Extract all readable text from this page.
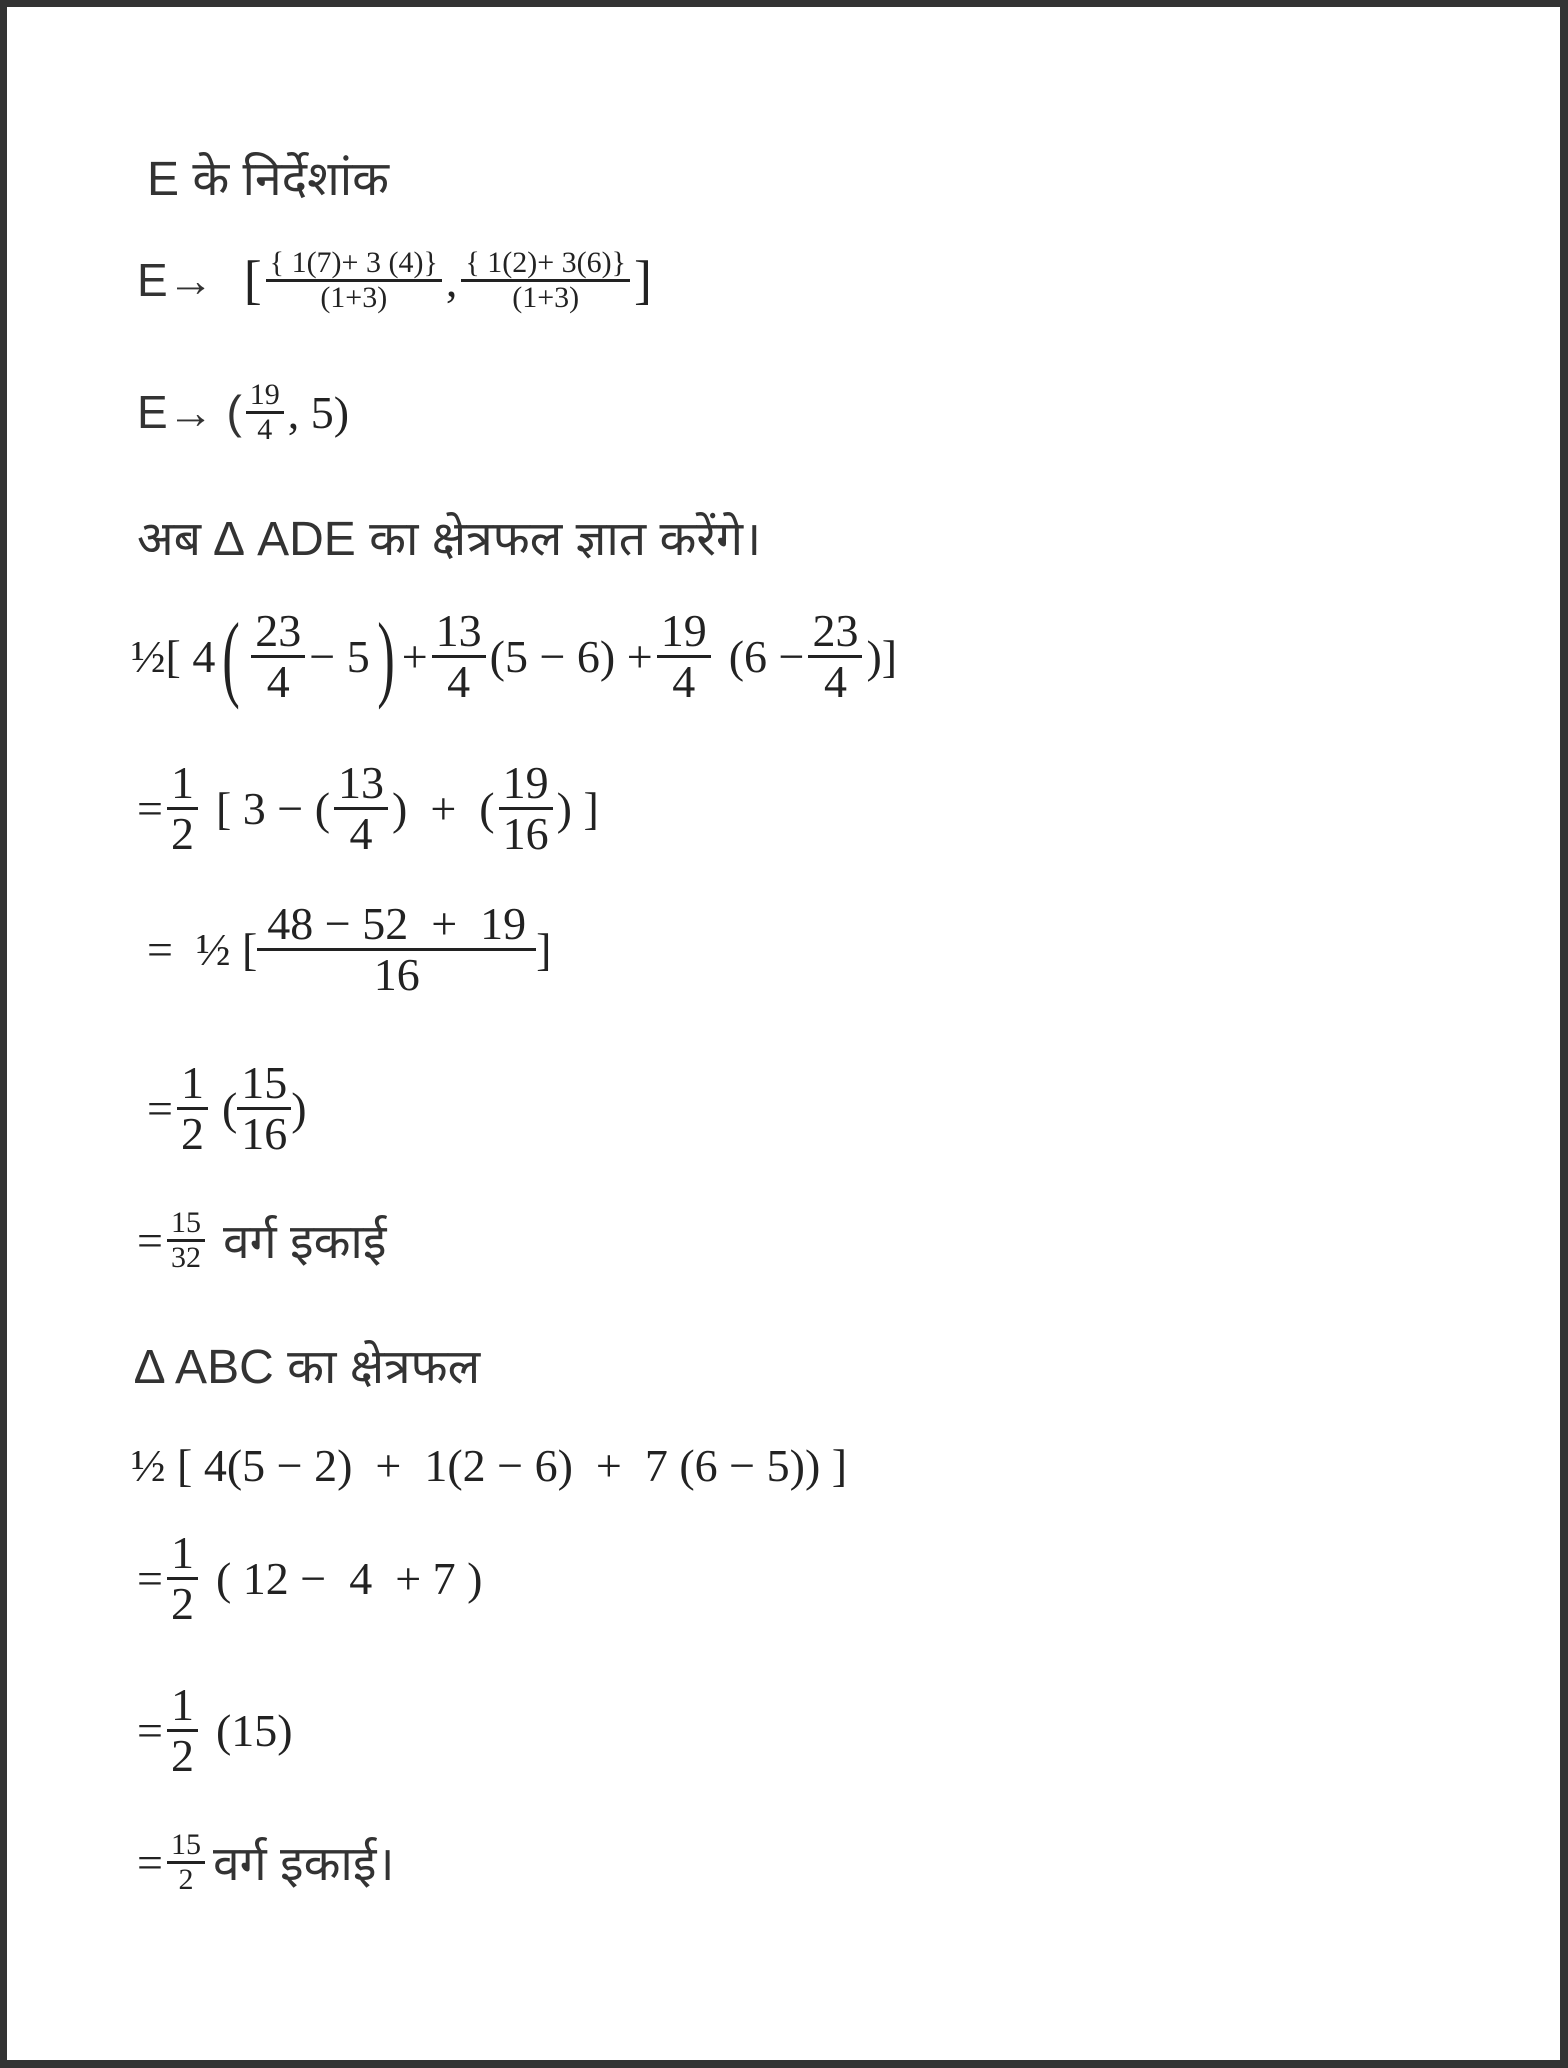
E के निर्देशांक
E→ [ $\frac{\{ 1(7)+ 3 (4)\}}{(1+3)}$ , $\frac{\{ 1(2)+ 3(6)\}}{(1+3)}$ ]
E→ ( $\frac{19}{4}$ , 5)
अब ∆ ADE का क्षेत्रफल ज्ञात करेंगे।
½[ 4 ( $\frac{23}{4} - 5$ ) + $\frac{13}{4} (5 - 6) + \frac{19}{4} (6 - \frac{23}{4}$ )]
= $\frac{1}{2}$ [ 3 − ( $\frac{13}{4}$ )  +  ( $\frac{19}{16}$ ) ]
=  ½ [ $\frac{48 - 52 + 19}{16}$ ]
= $\frac{1}{2}$ ( $\frac{15}{16}$ )
= $\frac{15}{32}$ वर्ग इकाई
∆ ABC का क्षेत्रफल
½ [ 4(5 − 2)  +  1(2 − 6)  +  7 (6 − 5)) ]
= $\frac{1}{2}$ ( 12 −  4  + 7 )
= $\frac{1}{2} (15)$
= $\frac{15}{2}$ वर्ग इकाई।
